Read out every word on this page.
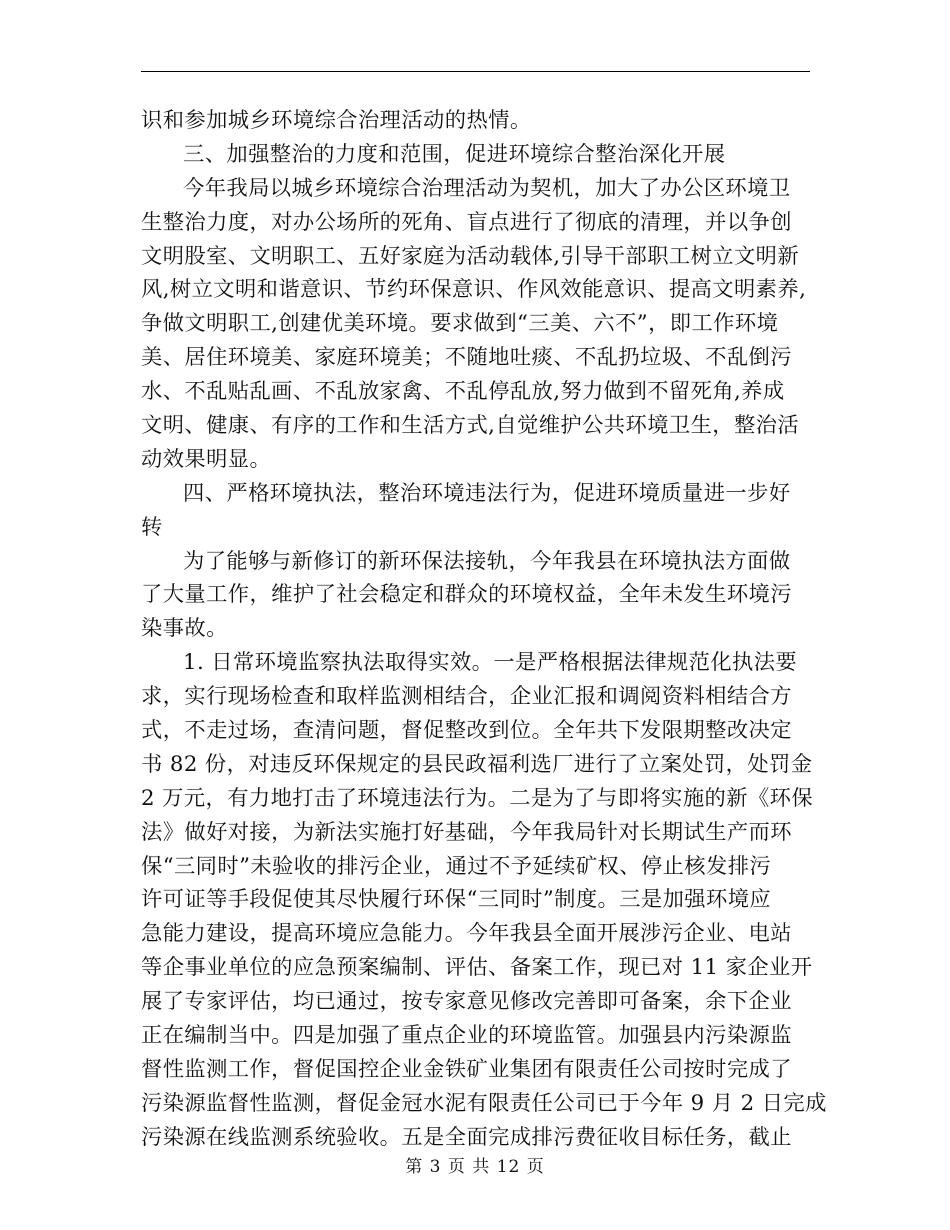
识和参加城乡环境综合治理活动的热情。
三、加强整治的力度和范围，促进环境综合整治深化开展
今年我局以城乡环境综合治理活动为契机，加大了办公区环境卫
生整治力度，对办公场所的死角、盲点进行了彻底的清理，并以争创
文明股室、文明职工、五好家庭为活动载体,引导干部职工树立文明新
风,树立文明和谐意识、节约环保意识、作风效能意识、提高文明素养,
争做文明职工,创建优美环境。要求做到“三美、六不”，即工作环境
美、居住环境美、家庭环境美；不随地吐痰、不乱扔垃圾、不乱倒污
水、不乱贴乱画、不乱放家禽、不乱停乱放,努力做到不留死角,养成
文明、健康、有序的工作和生活方式,自觉维护公共环境卫生，整治活
动效果明显。
四、严格环境执法，整治环境违法行为，促进环境质量进一步好
转
为了能够与新修订的新环保法接轨，今年我县在环境执法方面做
了大量工作，维护了社会稳定和群众的环境权益，全年未发生环境污
染事故。
1. 日常环境监察执法取得实效。一是严格根据法律规范化执法要
求，实行现场检查和取样监测相结合，企业汇报和调阅资料相结合方
式，不走过场，查清问题，督促整改到位。全年共下发限期整改决定
书 82 份，对违反环保规定的县民政福利选厂进行了立案处罚，处罚金
2 万元，有力地打击了环境违法行为。二是为了与即将实施的新《环保
法》做好对接，为新法实施打好基础，今年我局针对长期试生产而环
保“三同时”未验收的排污企业，通过不予延续矿权、停止核发排污
许可证等手段促使其尽快履行环保“三同时”制度。三是加强环境应
急能力建设，提高环境应急能力。今年我县全面开展涉污企业、电站
等企事业单位的应急预案编制、评估、备案工作，现已对 11 家企业开
展了专家评估，均已通过，按专家意见修改完善即可备案，余下企业
正在编制当中。四是加强了重点企业的环境监管。加强县内污染源监
督性监测工作，督促国控企业金铁矿业集团有限责任公司按时完成了
污染源监督性监测，督促金冠水泥有限责任公司已于今年 9 月 2 日完成
污染源在线监测系统验收。五是全面完成排污费征收目标任务，截止
第 3 页 共 12 页
